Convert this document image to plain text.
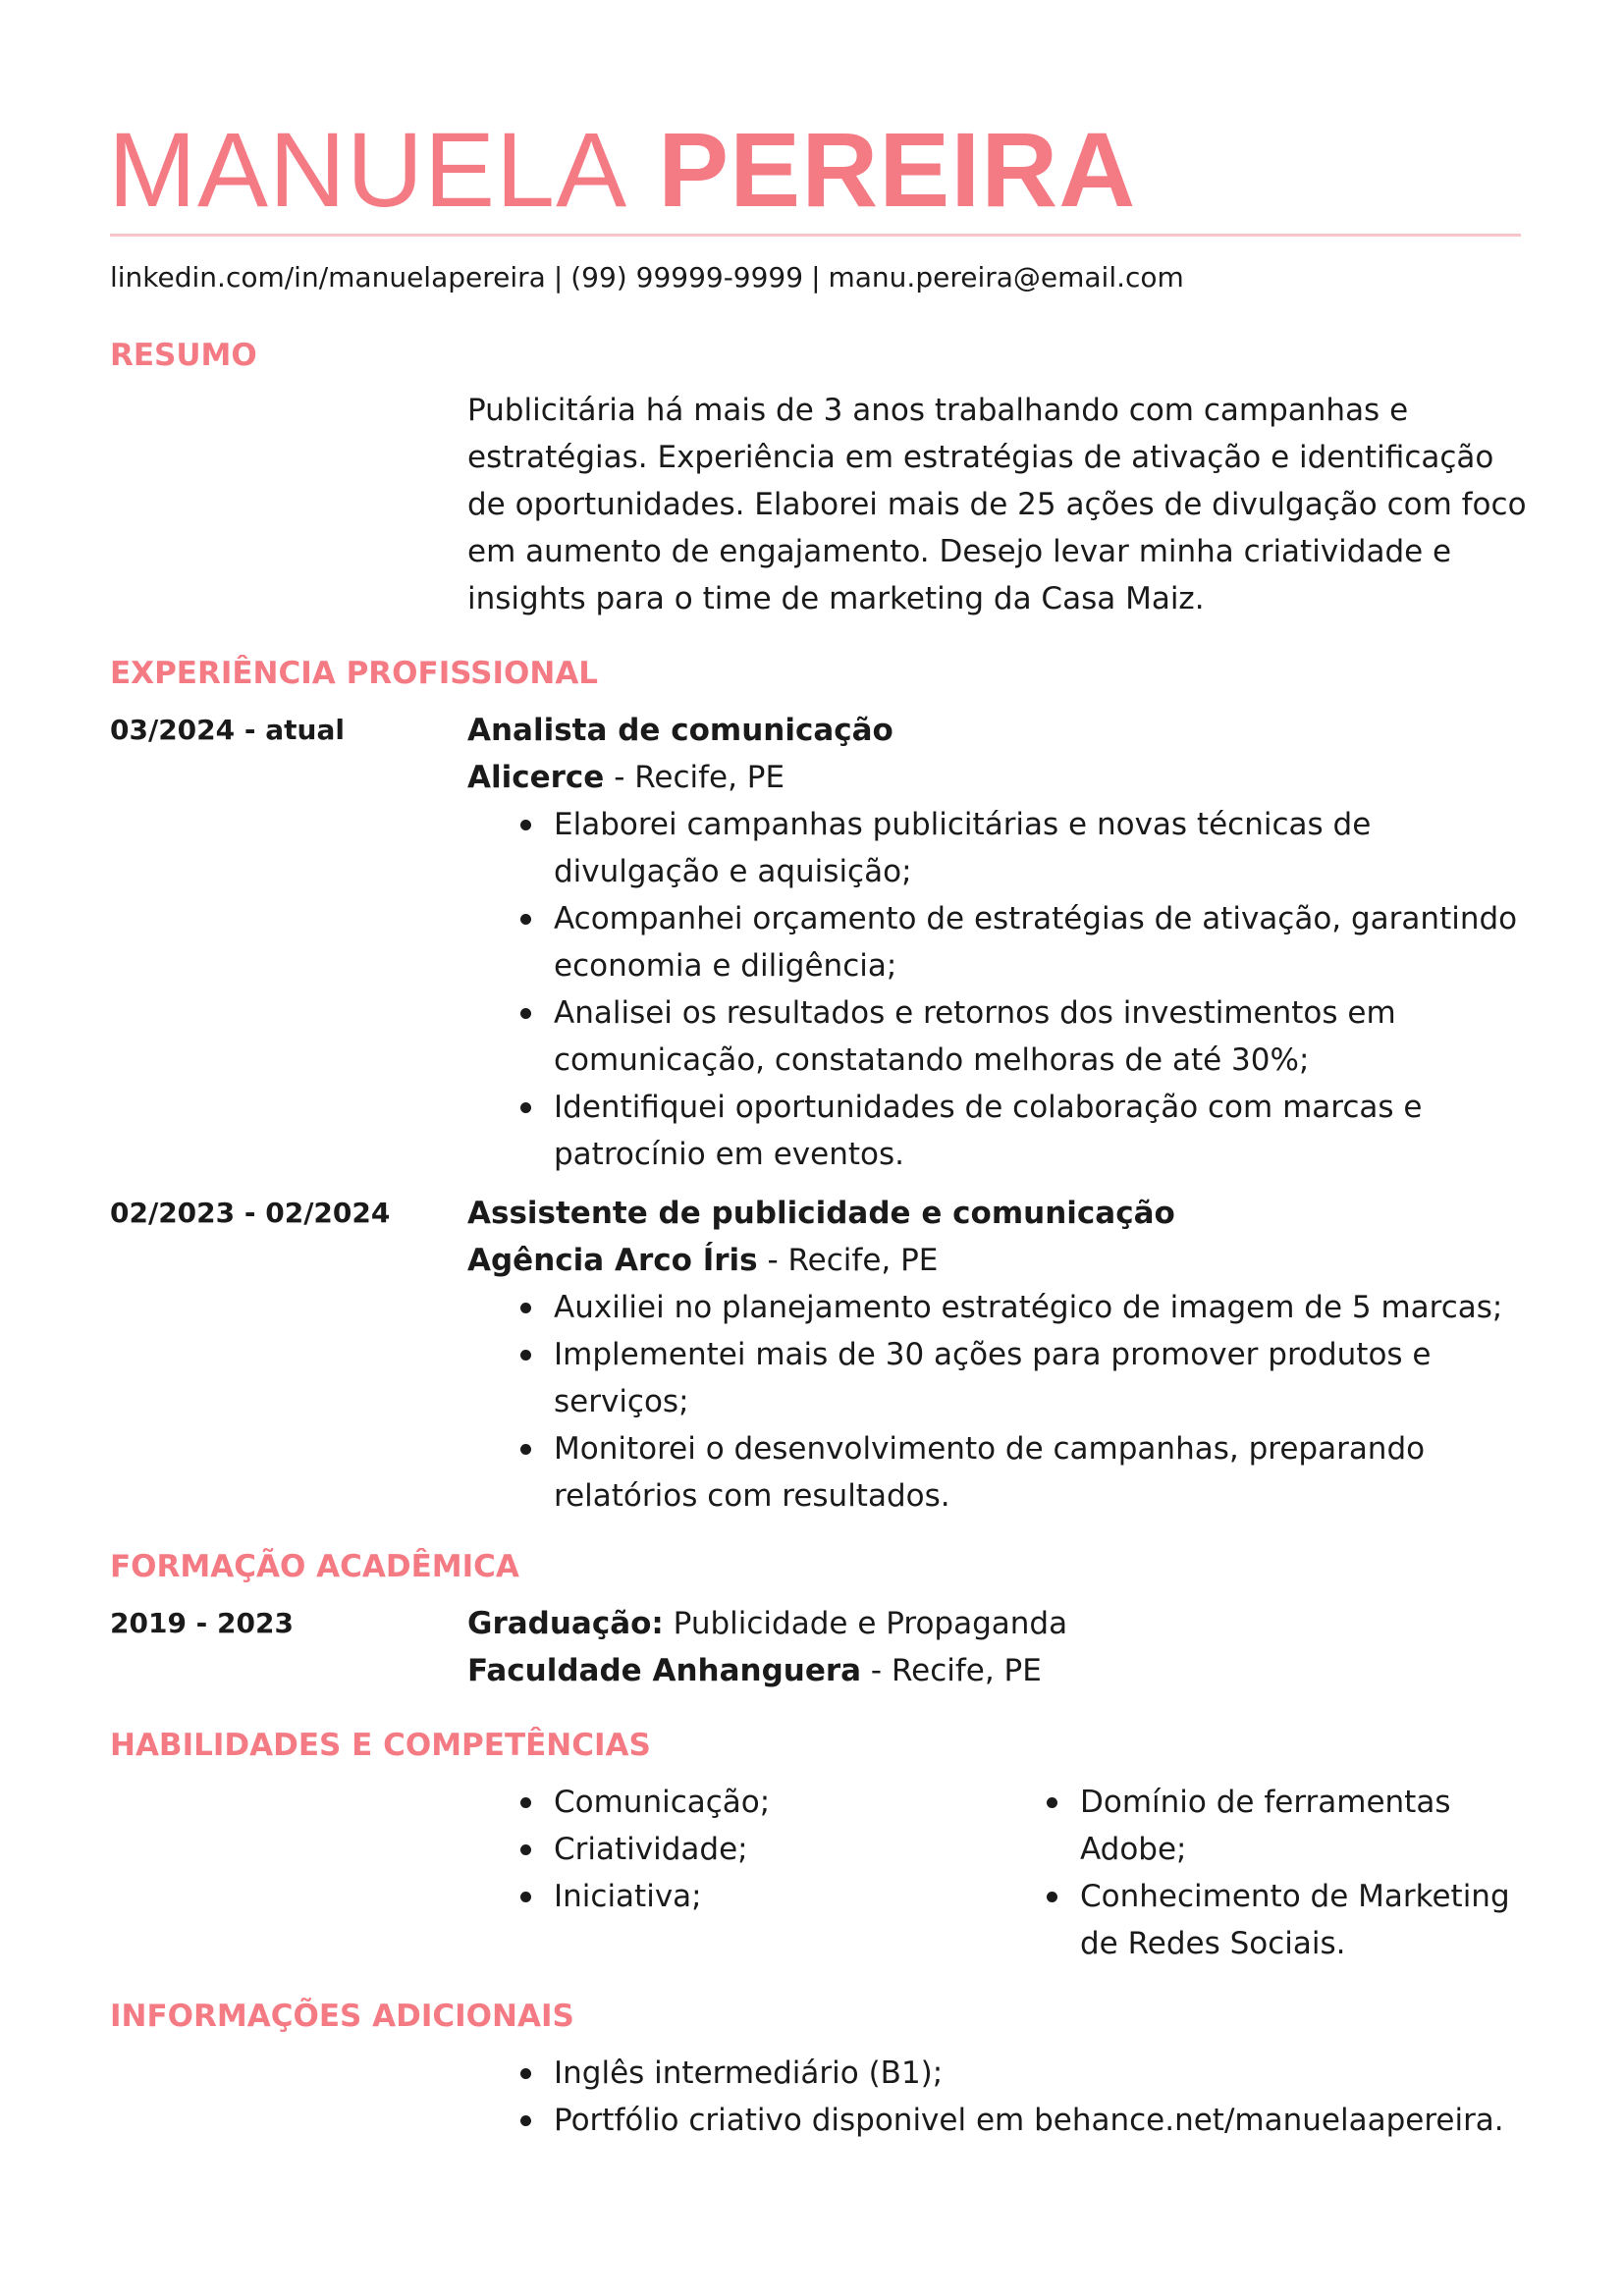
MANUELA PEREIRA
linkedin.com/in/manuelapereira | (99) 99999-9999 | manu.pereira@email.com
RESUMO
Publicitária há mais de 3 anos trabalhando com campanhas e estratégias. Experiência em estratégias de ativação e identificação de oportunidades. Elaborei mais de 25 ações de divulgação com foco em aumento de engajamento. Desejo levar minha criatividade e insights para o time de marketing da Casa Maiz.
EXPERIÊNCIA PROFISSIONAL
03/2024 - atual	Analista de comunicação
Alicerce - Recife, PE
Elaborei campanhas publicitárias e novas técnicas de divulgação e aquisição;
Acompanhei orçamento de estratégias de ativação, garantindo economia e diligência;
Analisei os resultados e retornos dos investimentos em comunicação, constatando melhoras de até 30%;
Identifiquei oportunidades de colaboração com marcas e patrocínio em eventos.
02/2023 - 02/2024	Assistente de publicidade e comunicação
Agência Arco Íris - Recife, PE
Auxiliei no planejamento estratégico de imagem de 5 marcas;
Implementei mais de 30 ações para promover produtos e serviços;
Monitorei o desenvolvimento de campanhas, preparando relatórios com resultados.
FORMAÇÃO ACADÊMICA
2019 - 2023	Graduação: Publicidade e Propaganda
Faculdade Anhanguera - Recife, PE
HABILIDADES E COMPETÊNCIAS
Comunicação;
Criatividade;
Iniciativa;
Domínio de ferramentas Adobe;
Conhecimento de Marketing de Redes Sociais.
INFORMAÇÕES ADICIONAIS
Inglês intermediário (B1);
Portfólio criativo disponivel em behance.net/manuelaapereira.
